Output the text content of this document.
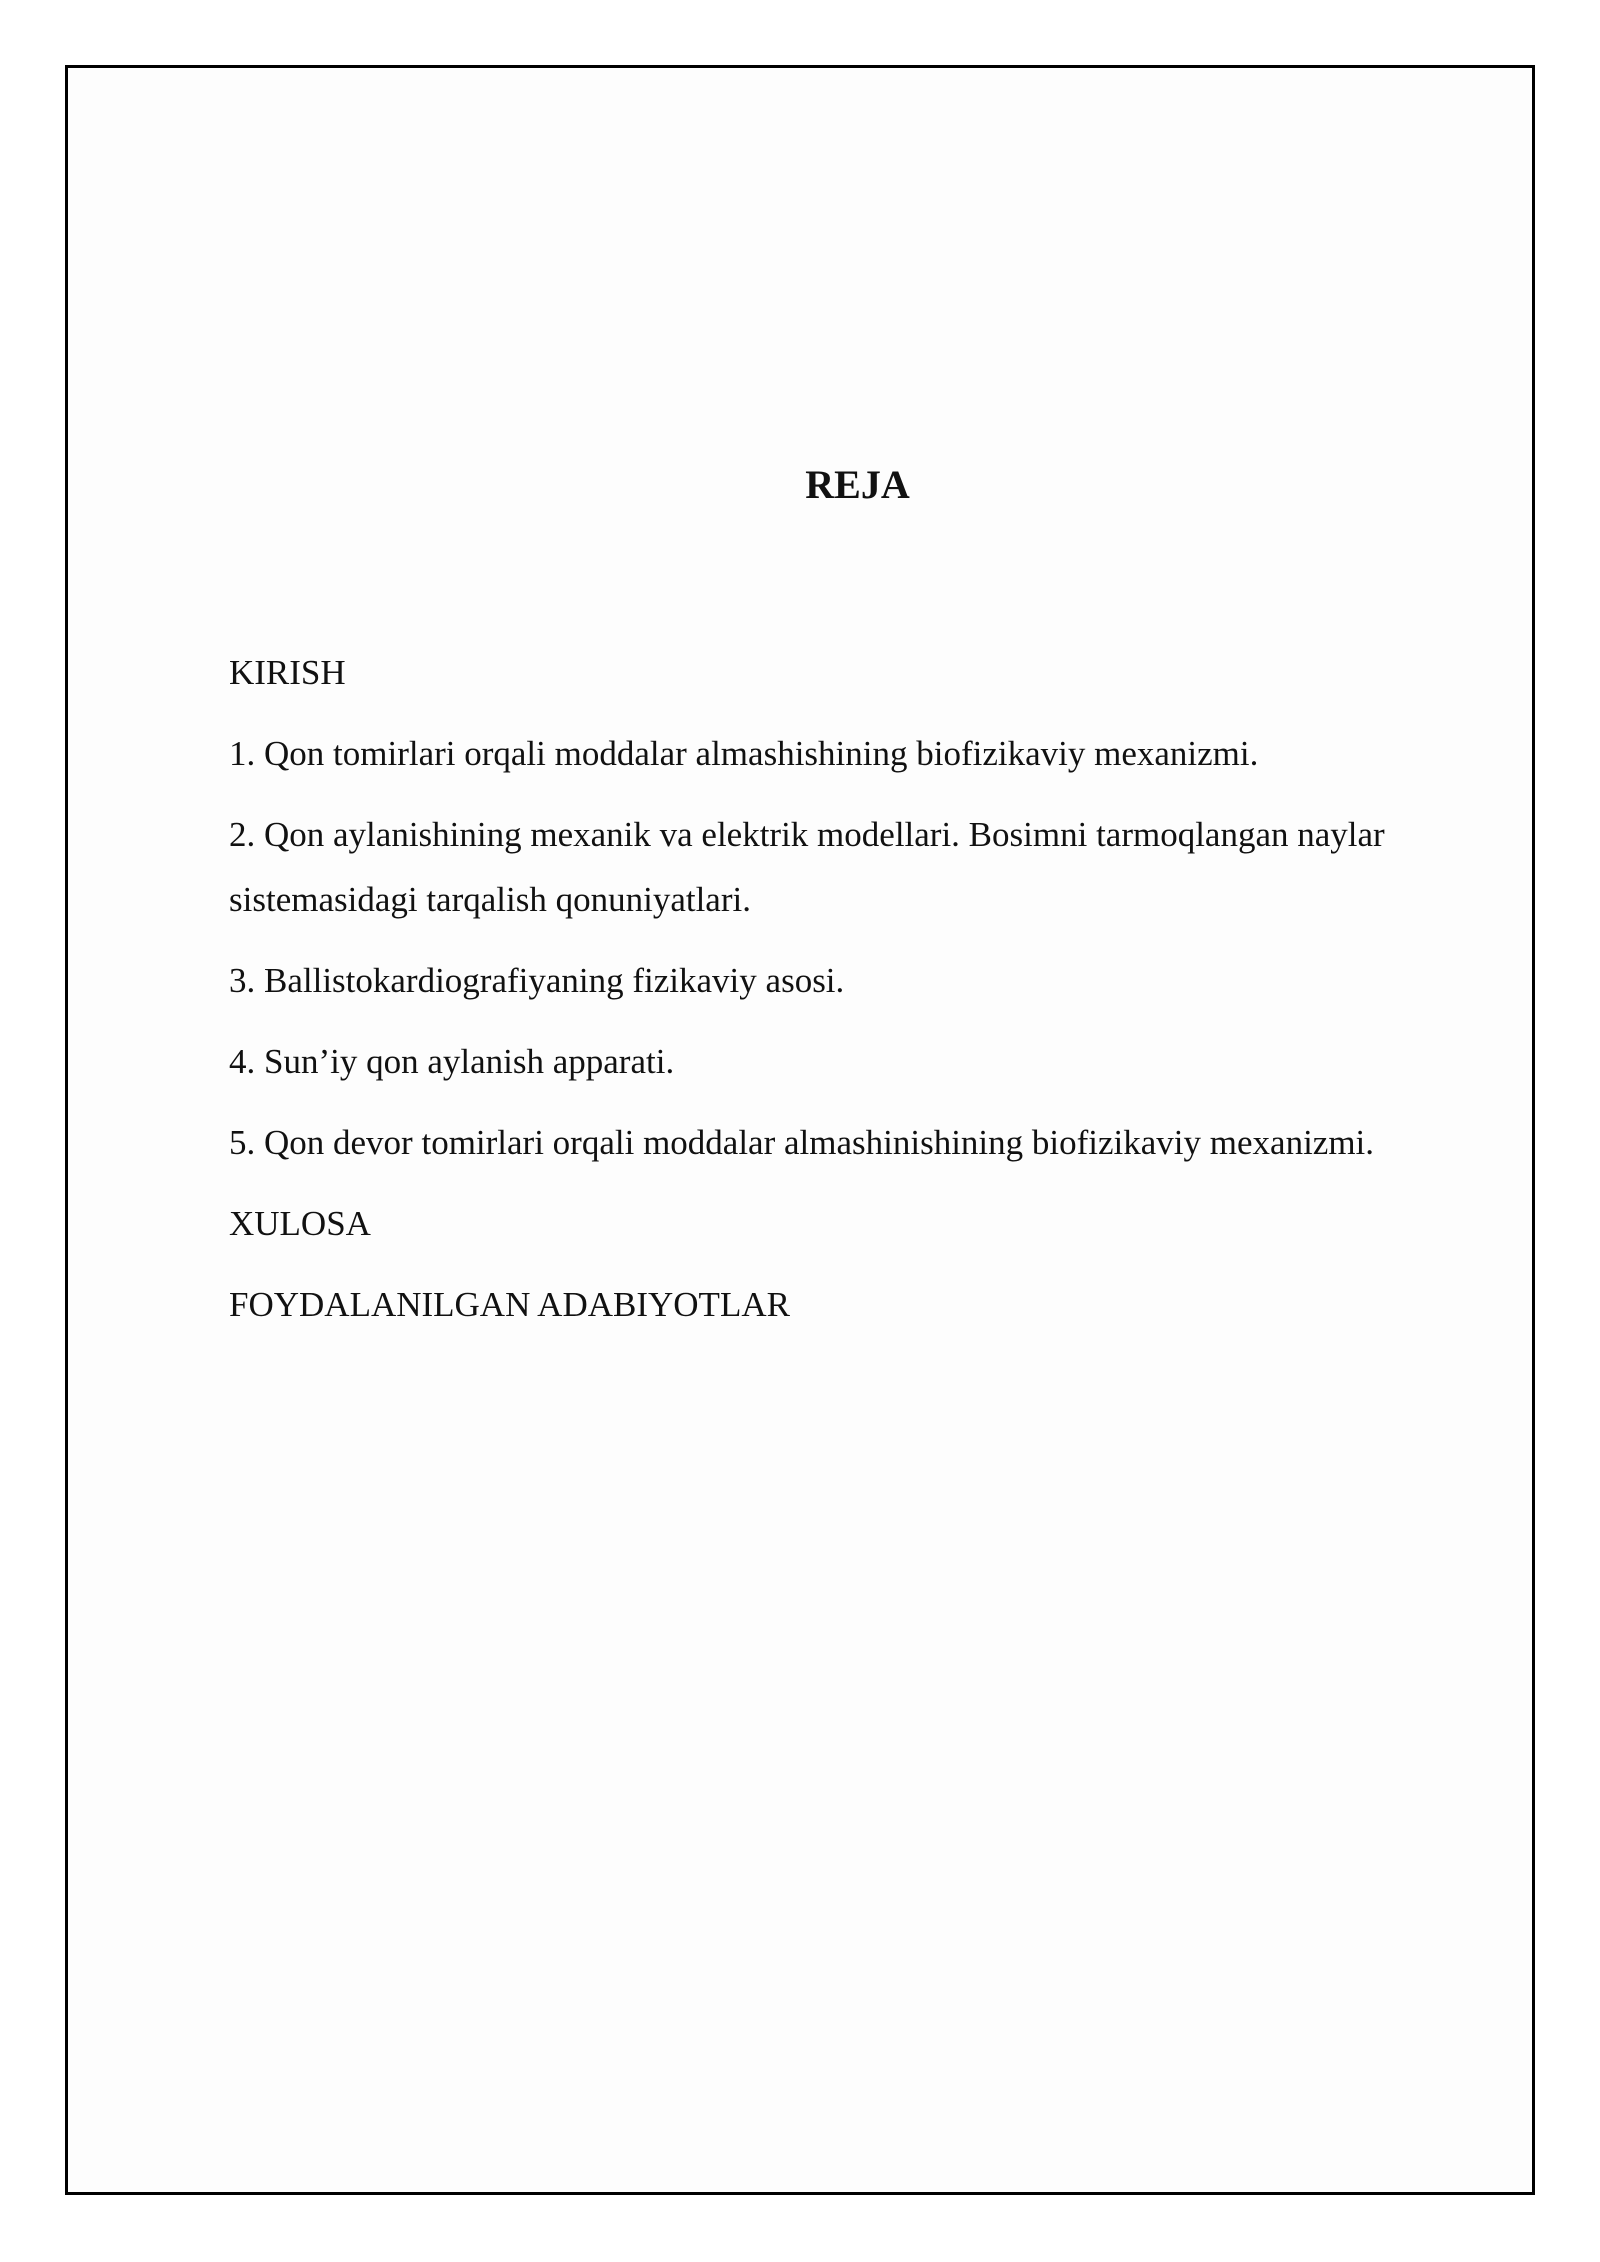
REJA
KIRISH
1. Qon tomirlari orqali moddalar almashishining biofizikaviy mexanizmi.
2. Qon aylanishining mexanik va elektrik modellari. Bosimni tarmoqlangan naylar sistemasidagi tarqalish qonuniyatlari.
3. Ballistokardiografiyaning fizikaviy asosi.
4. Sun’iy qon aylanish apparati.
5. Qon devor tomirlari orqali moddalar almashinishining biofizikaviy mexanizmi.
XULOSA
FOYDALANILGAN ADABIYOTLAR
